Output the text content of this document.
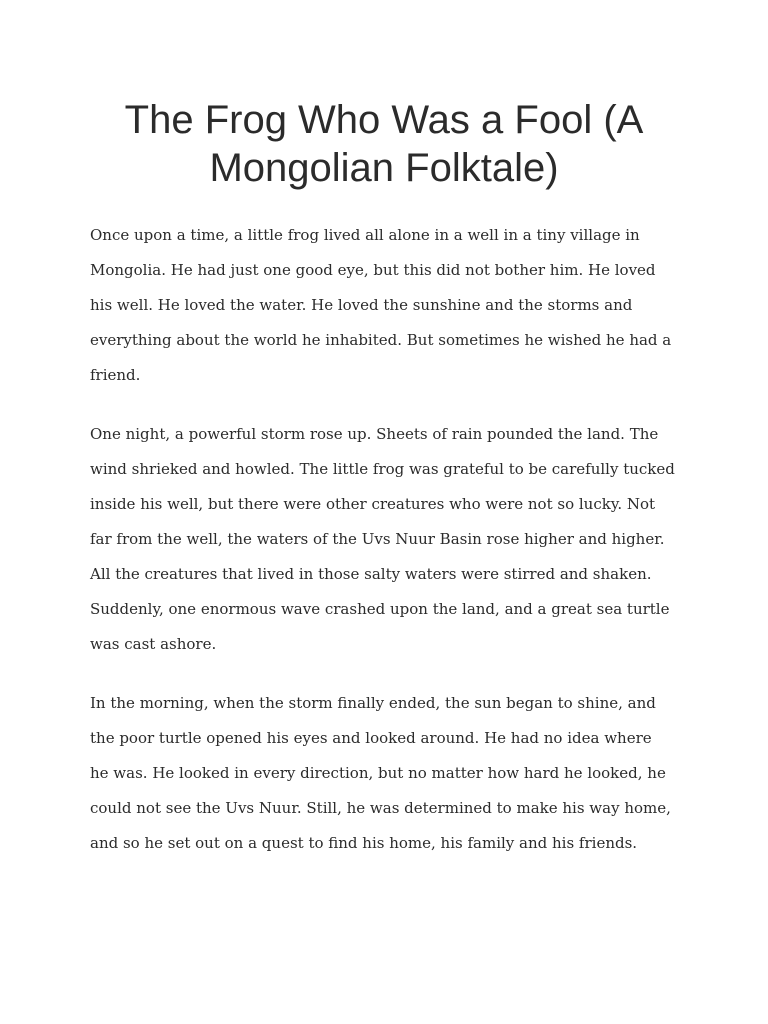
The Frog Who Was a Fool (A
Mongolian Folktale)

Once upon a time, a little frog lived all alone in a well in a tiny village in
Mongolia. He had just one good eye, but this did not bother him. He loved
his well. He loved the water. He loved the sunshine and the storms and
everything about the world he inhabited. But sometimes he wished he had a
friend.

One night, a powerful storm rose up. Sheets of rain pounded the land. The
wind shrieked and howled. The little frog was grateful to be carefully tucked
inside his well, but there were other creatures who were not so lucky. Not
far from the well, the waters of the Uvs Nuur Basin rose higher and higher.
All the creatures that lived in those salty waters were stirred and shaken.
Suddenly, one enormous wave crashed upon the land, and a great sea turtle
was cast ashore.

In the morning, when the storm finally ended, the sun began to shine, and
the poor turtle opened his eyes and looked around. He had no idea where
he was. He looked in every direction, but no matter how hard he looked, he
could not see the Uvs Nuur. Still, he was determined to make his way home,
and so he set out on a quest to find his home, his family and his friends.
